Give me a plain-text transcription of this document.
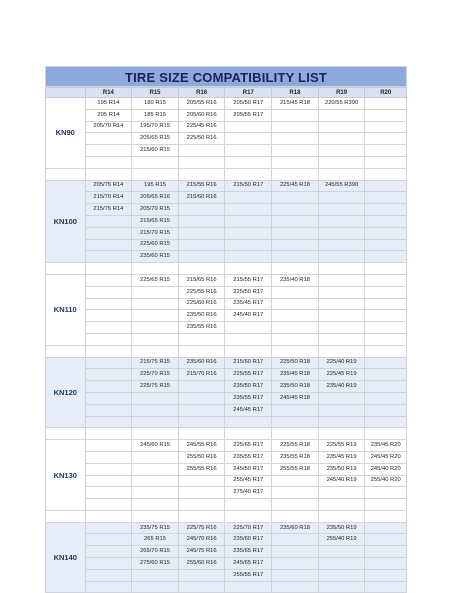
TIRE SIZE COMPATIBILITY LIST
	R14	R15	R16	R17	R18	R19	R20
KN90	195 R14	180 R15	205/55 R16	205/50 R17	215/45 R18	220/55 R390	
	205 R14	185 R15	205/60 R16	205/55 R17			
	205/70 R14	195/70 R15	225/45 R16				
		205/65 R15	225/50 R16				
		215/60 R15					

KN100	205/75 R14	195 R15	215/55 R16	215/50 R17	225/45 R18	245/55 R390	
	215/70 R14	205/65 R16	215/60 R16				
	215/75 R14	205/70 R15					
		215/65 R15					
		215/70 R15					
		225/60 R15					
		235/60 R15					

KN110		225/65 R15	215/65 R16	215/55 R17	235/40 R18		
			225/55 R16	225/50 R17			
			225/60 R16	235/45 R17			
			235/50 R16	245/40 R17			
			235/55 R16				

KN120		215/75 R15	235/60 R16	215/60 R17	225/50 R18	225/40 R19	
		225/70 R15	215/70 R16	225/55 R17	235/45 R18	225/45 R19	
		225/75 R15		235/50 R17	235/50 R18	235/40 R19	
				235/55 R17	245/45 R18		
				245/45 R17			

KN130		245/60 R15	245/55 R16	225/65 R17	225/55 R18	225/55 R19	235/45 R20
			255/50 R16	235/55 R17	235/55 R18	235/45 R19	245/45 R20
			255/55 R16	245/50 R17	255/55 R18	235/50 R19	245/40 R20
				255/45 R17		245/40 R19	255/40 R20
				275/40 R17			

KN140		235/75 R15	225/75 R16	225/70 R17	235/60 R18	235/50 R19	
		265 R15	245/70 R16	235/60 R17		255/40 R19	
		265/70 R15	245/75 R16	235/65 R17			
		275/60 R15	255/60 R16	245/65 R17			
				255/55 R17			
